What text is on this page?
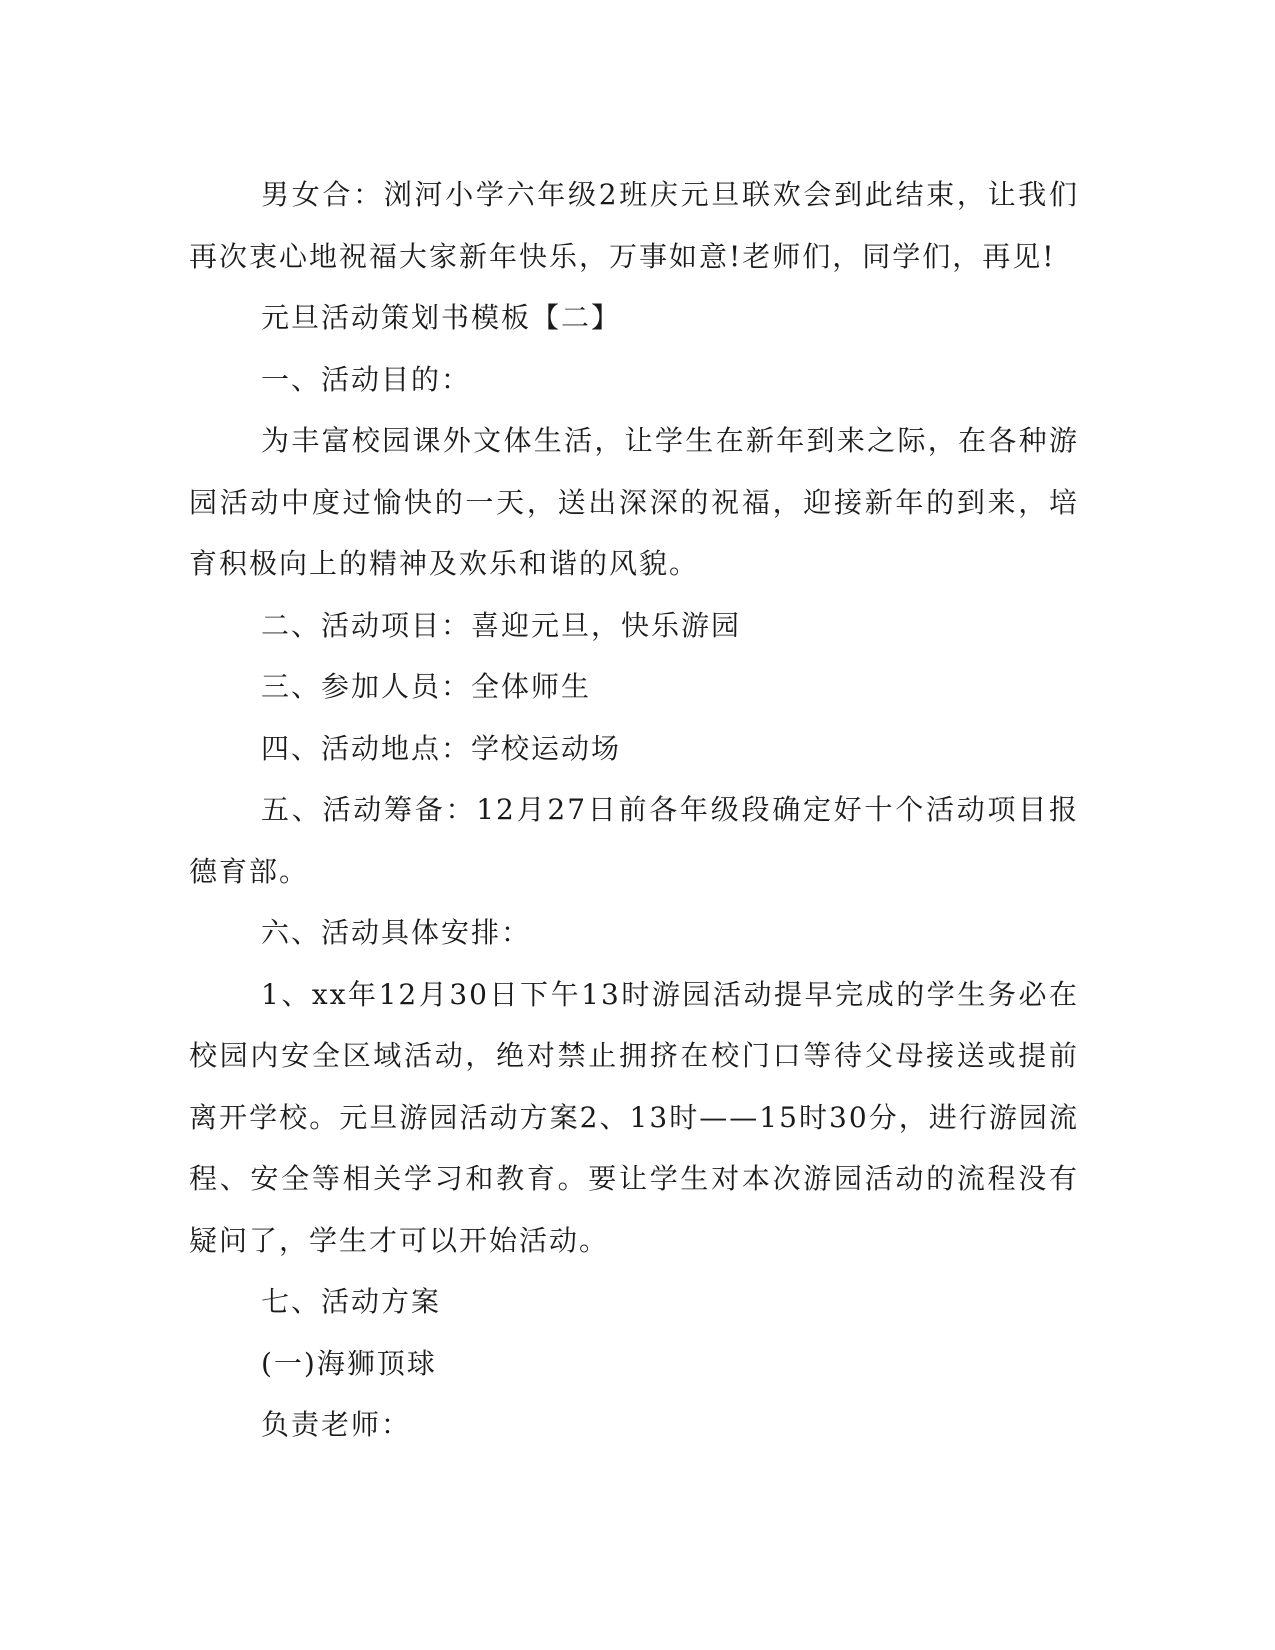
男女合：浏河小学六年级2班庆元旦联欢会到此结束，让我们再次衷心地祝福大家新年快乐，万事如意!老师们，同学们，再见!

元旦活动策划书模板【二】

一、活动目的：

为丰富校园课外文体生活，让学生在新年到来之际，在各种游园活动中度过愉快的一天，送出深深的祝福，迎接新年的到来，培育积极向上的精神及欢乐和谐的风貌。

二、活动项目：喜迎元旦，快乐游园

三、参加人员：全体师生

四、活动地点：学校运动场

五、活动筹备：12月27日前各年级段确定好十个活动项目报德育部。

六、活动具体安排：

1、xx年12月30日下午13时游园活动提早完成的学生务必在校园内安全区域活动，绝对禁止拥挤在校门口等待父母接送或提前离开学校。元旦游园活动方案2、13时——15时30分，进行游园流程、安全等相关学习和教育。要让学生对本次游园活动的流程没有疑问了，学生才可以开始活动。

七、活动方案

(一)海狮顶球

负责老师：
